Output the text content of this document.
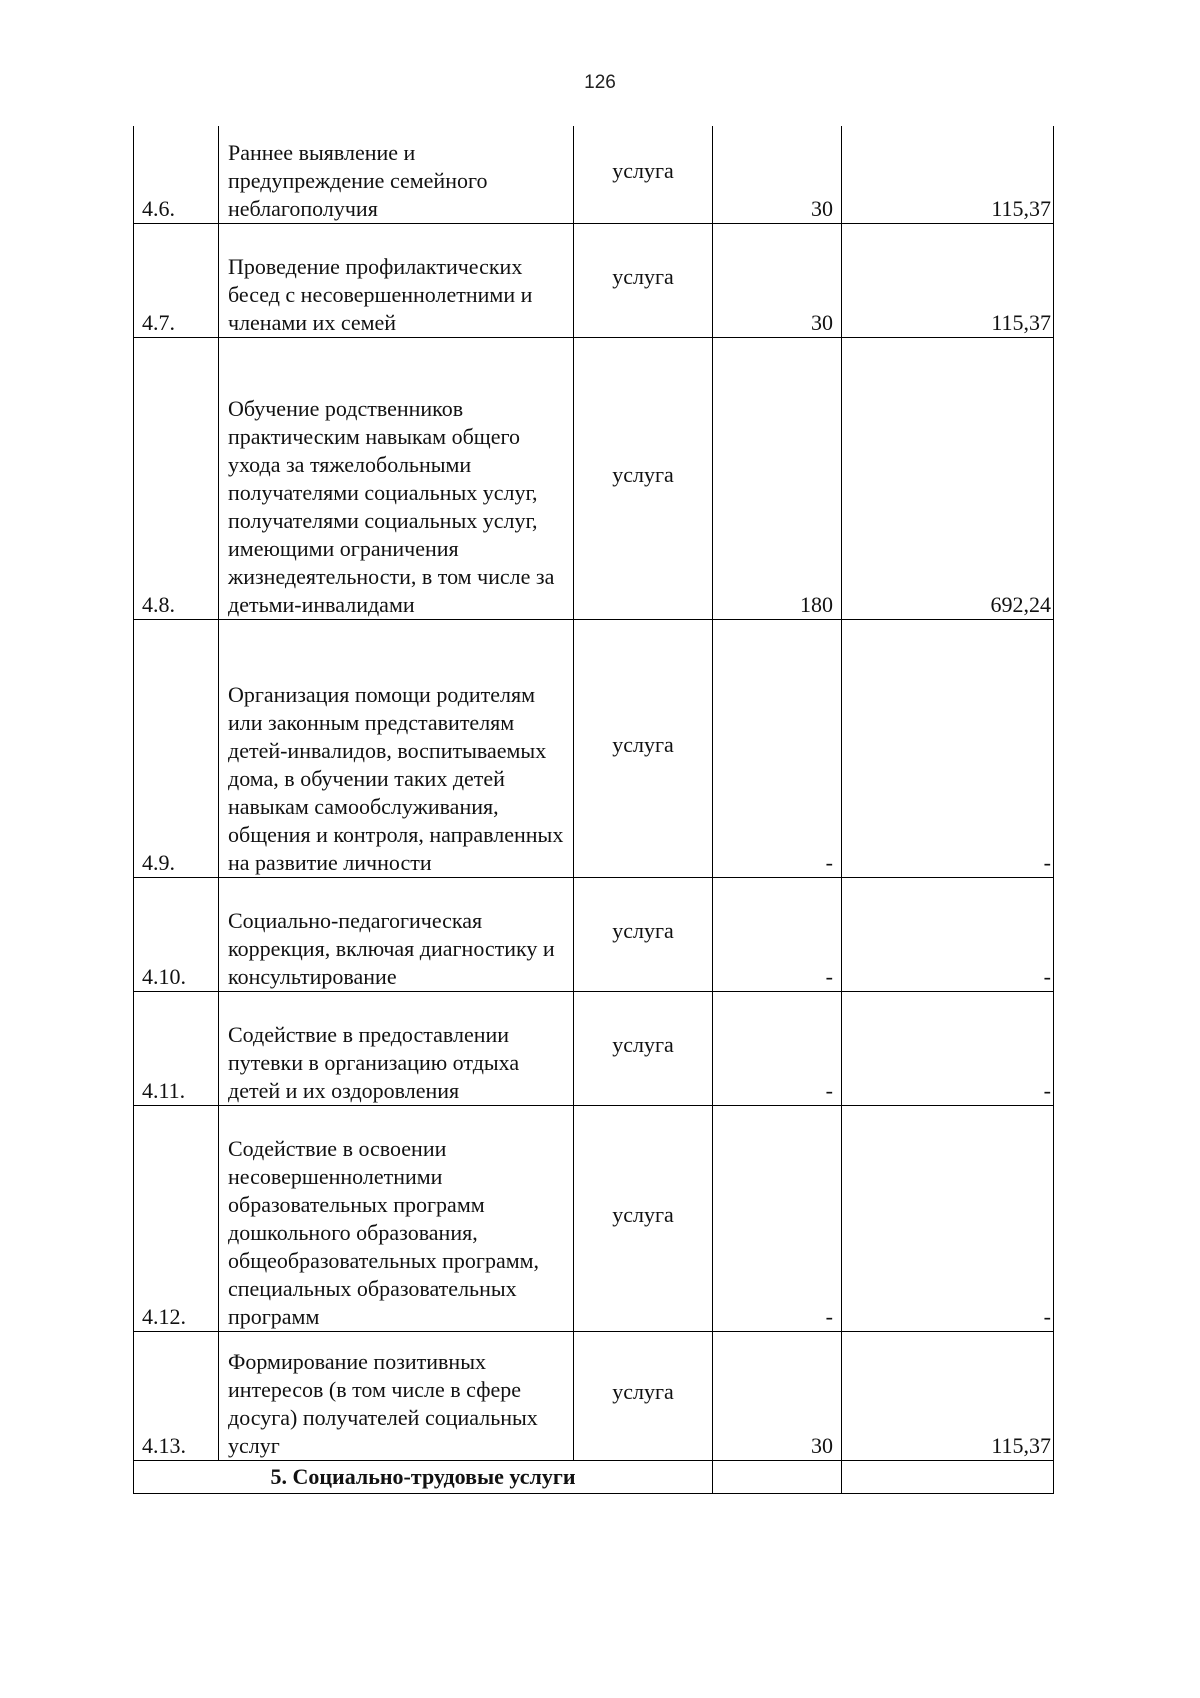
126
4.6.	Раннее выявление и предупреждение семейного неблагополучия	услуга	30	115,37
4.7.	Проведение профилактических бесед с несовершеннолетними и членами их семей	услуга	30	115,37
4.8.	Обучение родственников практическим навыкам общего ухода за тяжелобольными получателями социальных услуг, получателями социальных услуг, имеющими ограничения жизнедеятельности, в том числе за детьми-инвалидами	услуга	180	692,24
4.9.	Организация помощи родителям или законным представителям детей-инвалидов, воспитываемых дома, в обучении таких детей навыкам самообслуживания, общения и контроля, направленных на развитие личности	услуга	-	-
4.10.	Социально-педагогическая коррекция, включая диагностику и консультирование	услуга	-	-
4.11.	Содействие в предоставлении путевки в организацию отдыха детей и их оздоровления	услуга	-	-
4.12.	Содействие в освоении несовершеннолетними образовательных программ дошкольного образования, общеобразовательных программ, специальных образовательных программ	услуга	-	-
4.13.	Формирование позитивных интересов (в том числе в сфере досуга) получателей социальных услуг	услуга	30	115,37
5. Социально-трудовые услуги				
